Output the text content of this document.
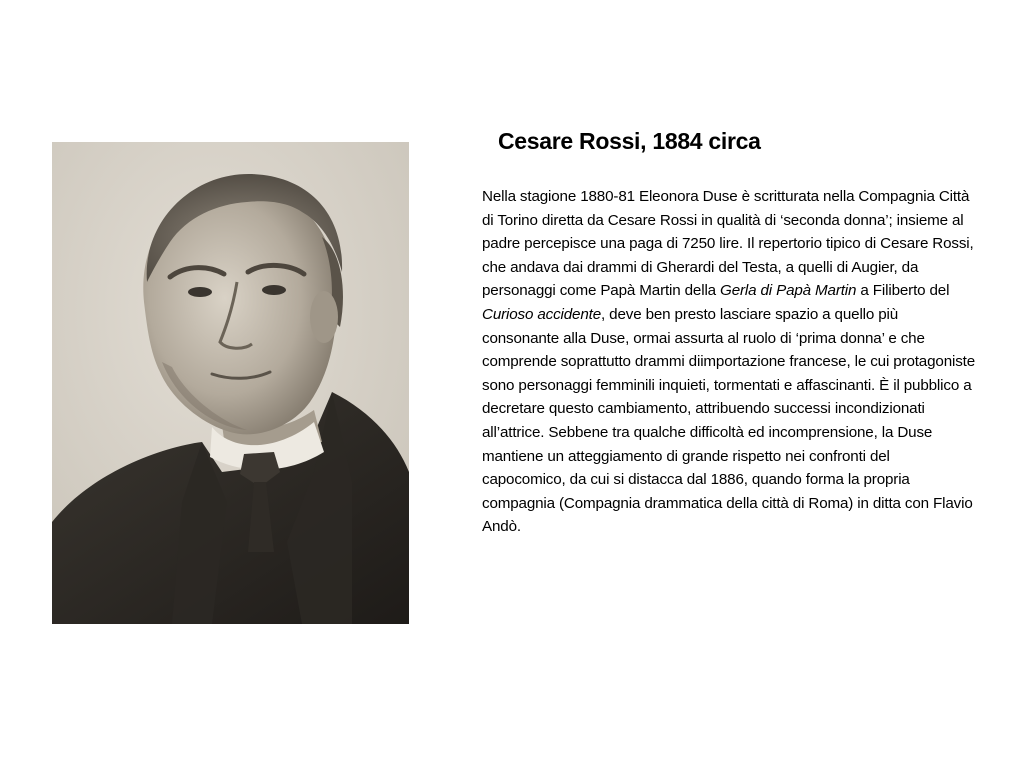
Cesare Rossi, 1884 circa

Nella stagione 1880-81 Eleonora Duse è scritturata nella Compagnia Città di Torino diretta da Cesare Rossi in qualità di ‘seconda donna’; insieme al padre percepisce una paga di 7250 lire. Il repertorio tipico di Cesare Rossi, che andava dai drammi di Gherardi del Testa, a quelli di Augier, da personaggi come Papà Martin della Gerla di Papà Martin a Filiberto del Curioso accidente, deve ben presto lasciare spazio a quello più consonante alla Duse, ormai assurta al ruolo di ‘prima donna’ e che comprende soprattutto drammi diimportazione francese, le cui protagoniste sono personaggi femminili inquieti, tormentati e affascinanti. È il pubblico a decretare questo cambiamento, attribuendo successi incondizionati all’attrice. Sebbene tra qualche difficoltà ed incomprensione, la Duse mantiene un atteggiamento di grande rispetto nei confronti del capocomico, da cui si distacca dal 1886, quando forma la propria compagnia (Compagnia drammatica della città di Roma) in ditta con Flavio Andò.
